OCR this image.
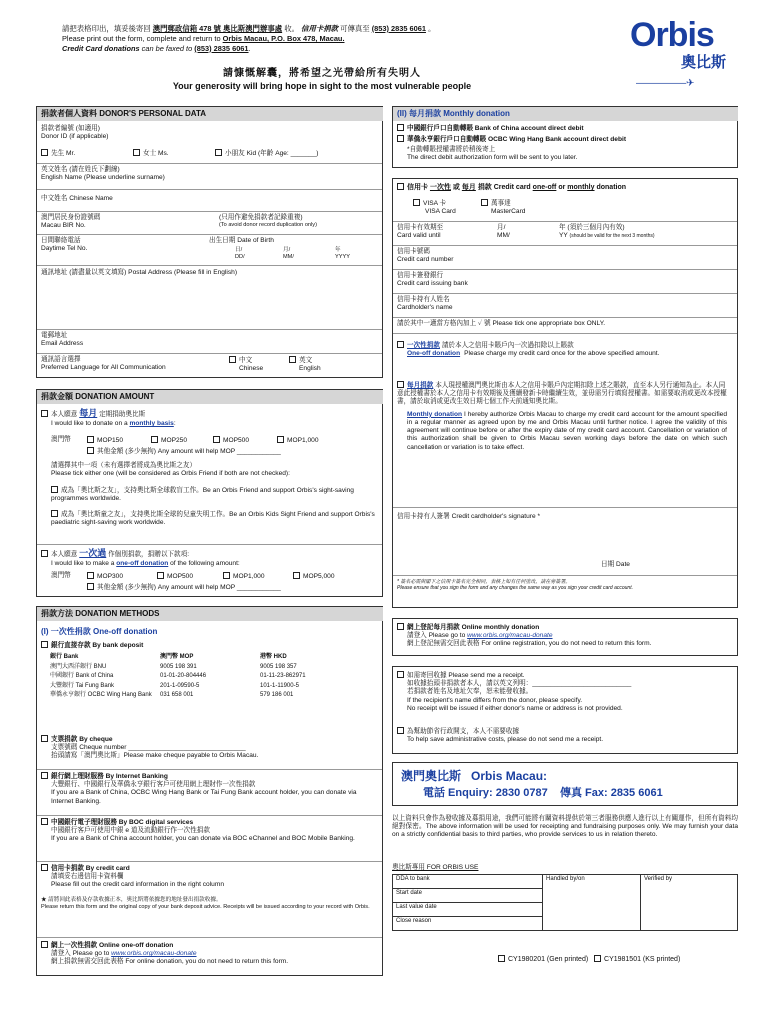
請把表格印出，填妥後寄回 澳門郵政信箱 478 號 奧比斯澳門辦事處 收。 信用卡捐款 可傳真至 (853) 2835 6061 。
Please print out the form, complete and return to Orbis Macau, P.O. Box 478, Macau.
Credit Card donations can be faxed to (853) 2835 6061.	Orbis
奧比斯
—————✈
請慷慨解囊，將希望之光帶給所有失明人
Your generosity will bring hope in sight to the most vulnerable people
捐款者個人資料 DONOR'S PERSONAL DATA
捐款者編號 (如適用)
Donor ID (if applicable)
先生 Mr.	女士 Ms.	小朋友 Kid (年齡 Age: _______)
英文姓名 (請在姓氏下劃線)
English Name (Please underline surname)
中文姓名 Chinese Name
澳門居民身份證號碼
Macau BIR No.
(只用作避免捐款者記錄重複)
(To avoid donor record duplication only)
日間聯絡電話
Daytime Tel No.
出生日期 Date of Birth
日/
DD/
月/
MM/
年
YYYY
通訊地址 (請盡量以英文填寫) Postal Address (Please fill in English)
電郵地址
Email Address
通訊語言選擇
Preferred Language for All Communication
中文
Chinese
英文
English
捐款金額 DONATION AMOUNT
本人願意 每月 定期捐助奧比斯
I would like to donate on a monthly basis:
澳門幣	MOP150	MOP250	MOP500	MOP1,000
其他金額 (多少無拘) Any amount will help MOP ____________
請選擇其中一項（未有選擇者將成為奧比斯之友）
Please tick either one (will be considered as Orbis Friend if both are not checked):
成為「奧比斯之友」，支持奧比斯全球救盲工作。Be an Orbis Friend and support Orbis's sight-saving programmes worldwide.
成為「奧比斯童之友」，支持奧比斯全球的兒童失明工作。Be an Orbis Kids Sight Friend and support Orbis's paediatric sight-saving work worldwide.
本人願意 一次過 作個別捐款，捐贈以下款項:
I would like to make a one-off donation of the following amount:
澳門幣	MOP300	MOP500	MOP1,000	MOP5,000
其他金額 (多少無拘) Any amount will help MOP ____________
捐款方法 DONATION METHODS
(I) 一次性捐款 One-off donation
銀行直接存款 By bank deposit
銀行 Bank	澳門幣 MOP	港幣 HKD
澳門大西洋銀行 BNU	9005 198 391	9005 198 357
中國銀行 Bank of China	01-01-20-804446	01-11-23-862971
大豐銀行 Tai Fung Bank	201-1-09590-5	101-1-11900-5
華僑永亨銀行 OCBC Wing Hang Bank	031 658 001	579 186 001
支票捐款 By cheque
支票號碼 Cheque number ________________________________
抬頭請寫「澳門奧比斯」Please make cheque payable to Orbis Macau.
銀行網上理財服務 By Internet Banking
大豐銀行、中國銀行及華僑永亨銀行客戶可使用網上理財作一次性捐款
If you are a Bank of China, OCBC Wing Hang Bank or Tai Fung Bank account holder, you can donate via Internet Banking.
中國銀行電子理財服務 By BOC digital services
中國銀行客戶可使用中銀 e 道及流動銀行作一次性捐款
If you are a Bank of China account holder, you can donate via BOC eChannel and BOC Mobile Banking.
信用卡捐款 By credit card
請填妥右邊信用卡資料欄
Please fill out the credit card information in the right column
★ 請將回此表格及存款收據正本，奧比斯將依據您的地址發出捐款收據。
Please return this form and the original copy of your bank deposit advice. Receipts will be issued according to your record with Orbis.
網上一次性捐款 Online one-off donation
請登入 Please go to www.orbis.org/macau-donate
網上捐款無需交回此表格 For online donation, you do not need to return this form.
(II) 每月捐款 Monthly donation
中國銀行戶口自動轉賬 Bank of China account direct debit
華僑永亨銀行戶口自動轉賬 OCBC Wing Hang Bank account direct debit
*自動轉賬授權書將於稍後寄上
The direct debit authorization form will be sent to you later.
信用卡 一次性 或 每月 捐款 Credit card one-off or monthly donation
VISA 卡
VISA Card
萬事達
MasterCard
信用卡有效期至
Card valid until
月/
MM/
年 (須於三個月內有效)
YY (should be valid for the next 3 months)
信用卡號碼
Credit card number
信用卡簽發銀行
Credit card issuing bank
信用卡持有人姓名
Cardholder's name
請於其中一適當方格內加上 ✓ 號 Please tick one appropriate box ONLY.
一次性捐款 請於本人之信用卡賬戶內一次過扣除以上賬款
One-off donation Please charge my credit card once for the above specified amount.
每月捐款 本人現授權澳門奧比斯由本人之信用卡賬戶內定期扣除上述之賬款，直至本人另行通知為止。本人同意此授權書於本人之信用卡有效期後及獲續發新卡時繼續生效，並毋需另行填寫授權書。如需要取消或更改本授權書，請於取消或更改生效日期七個工作天前通知奧比斯。
Monthly donation I hereby authorize Orbis Macau to charge my credit card account for the amount specified in a regular manner as agreed upon by me and Orbis Macau until further notice. I agree the validity of this agreement will continue before or after the expiry date of my credit card account. Cancellation or variation of this authorization shall be given to Orbis Macau seven working days before the date on which such cancellation or variation is to take effect.
信用卡持有人簽署 Credit cardholder's signature *
日期 Date
* 簽名必需與閣下之信用卡簽名完全相同，表格上如有任何塗改，請在旁簽署。
Please ensure that you sign the form and any changes the same way as you sign your credit card account.
網上登記每月捐款 Online monthly donation
請登入 Please go to www.orbis.org/macau-donate
網上登記無需交回此表格 For online registration, you do not need to return this form.
如需寄回收據 Please send me a receipt.
如收據抬頭非捐款者本人，請以英文列明：___________________________
若捐款者姓名及地址欠奉，恕未能發收據。
If the recipient's name differs from the donor, please specify.
No receipt will be issued if either donor's name or address is not provided.
為幫助節省行政開支，本人不需要收據
To help save administrative costs, please do not send me a receipt.
澳門奧比斯 Orbis Macau:
電話 Enquiry: 2830 0787 傳真 Fax: 2835 6061
以上資料只會作為發收據及募捐用途，我們可能將有關資料提供於第三者服務供應人進行以上有關運作，但所有資料均絕對保密。The above information will be used for receipting and fundraising purposes only. We may furnish your data on a strictly confidential basis to third parties, who provide services to us in relation thereto.
奧比斯專用 FOR ORBIS USE
DDA to bank	Handled by/on	Verified by
Start date
Last value date
Close reason
CY1980201 (Gen printed) CY1981501 (KS printed)
